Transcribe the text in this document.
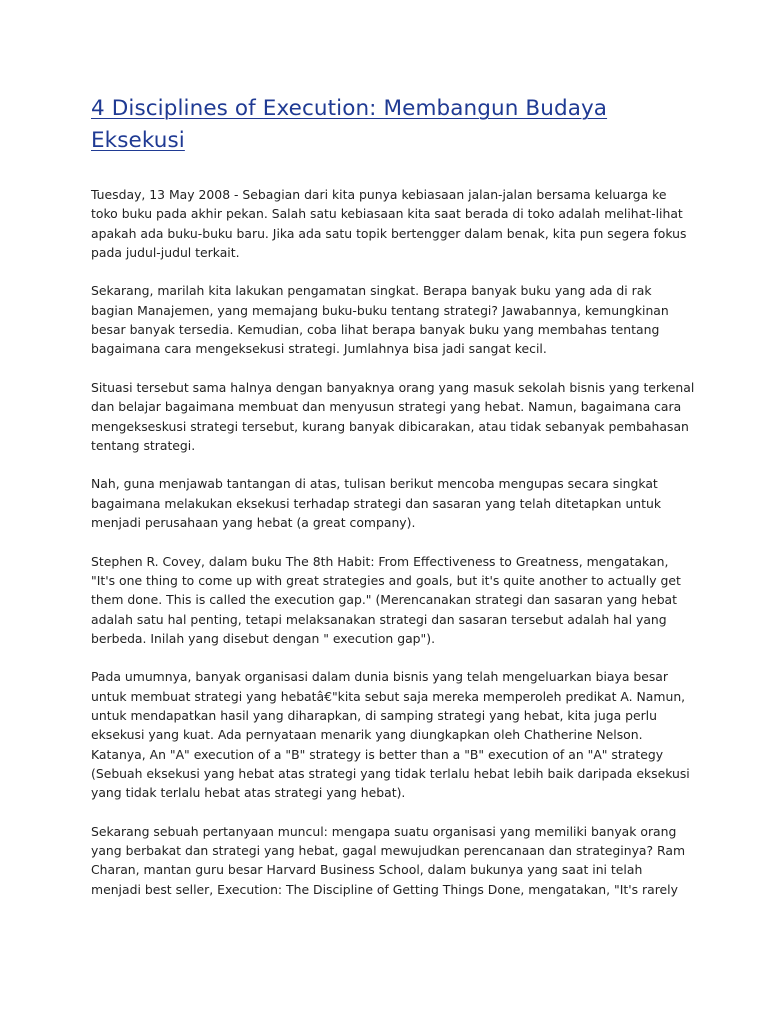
4 Disciplines of Execution: Membangun Budaya
Eksekusi

Tuesday, 13 May 2008 - Sebagian dari kita punya kebiasaan jalan-jalan bersama keluarga ke
toko buku pada akhir pekan. Salah satu kebiasaan kita saat berada di toko adalah melihat-lihat
apakah ada buku-buku baru. Jika ada satu topik bertengger dalam benak, kita pun segera fokus
pada judul-judul terkait.

Sekarang, marilah kita lakukan pengamatan singkat. Berapa banyak buku yang ada di rak
bagian Manajemen, yang memajang buku-buku tentang strategi? Jawabannya, kemungkinan
besar banyak tersedia. Kemudian, coba lihat berapa banyak buku yang membahas tentang
bagaimana cara mengeksekusi strategi. Jumlahnya bisa jadi sangat kecil.

Situasi tersebut sama halnya dengan banyaknya orang yang masuk sekolah bisnis yang terkenal
dan belajar bagaimana membuat dan menyusun strategi yang hebat. Namun, bagaimana cara
mengekseskusi strategi tersebut, kurang banyak dibicarakan, atau tidak sebanyak pembahasan
tentang strategi.

Nah, guna menjawab tantangan di atas, tulisan berikut mencoba mengupas secara singkat
bagaimana melakukan eksekusi terhadap strategi dan sasaran yang telah ditetapkan untuk
menjadi perusahaan yang hebat (a great company).

Stephen R. Covey, dalam buku The 8th Habit: From Effectiveness to Greatness, mengatakan,
"It's one thing to come up with great strategies and goals, but it's quite another to actually get
them done. This is called the execution gap." (Merencanakan strategi dan sasaran yang hebat
adalah satu hal penting, tetapi melaksanakan strategi dan sasaran tersebut adalah hal yang
berbeda. Inilah yang disebut dengan " execution gap").

Pada umumnya, banyak organisasi dalam dunia bisnis yang telah mengeluarkan biaya besar
untuk membuat strategi yang hebatâ€"kita sebut saja mereka memperoleh predikat A. Namun,
untuk mendapatkan hasil yang diharapkan, di samping strategi yang hebat, kita juga perlu
eksekusi yang kuat. Ada pernyataan menarik yang diungkapkan oleh Chatherine Nelson.
Katanya, An "A" execution of a "B" strategy is better than a "B" execution of an "A" strategy
(Sebuah eksekusi yang hebat atas strategi yang tidak terlalu hebat lebih baik daripada eksekusi
yang tidak terlalu hebat atas strategi yang hebat).

Sekarang sebuah pertanyaan muncul: mengapa suatu organisasi yang memiliki banyak orang
yang berbakat dan strategi yang hebat, gagal mewujudkan perencanaan dan strateginya? Ram
Charan, mantan guru besar Harvard Business School, dalam bukunya yang saat ini telah
menjadi best seller, Execution: The Discipline of Getting Things Done, mengatakan, "It's rarely
